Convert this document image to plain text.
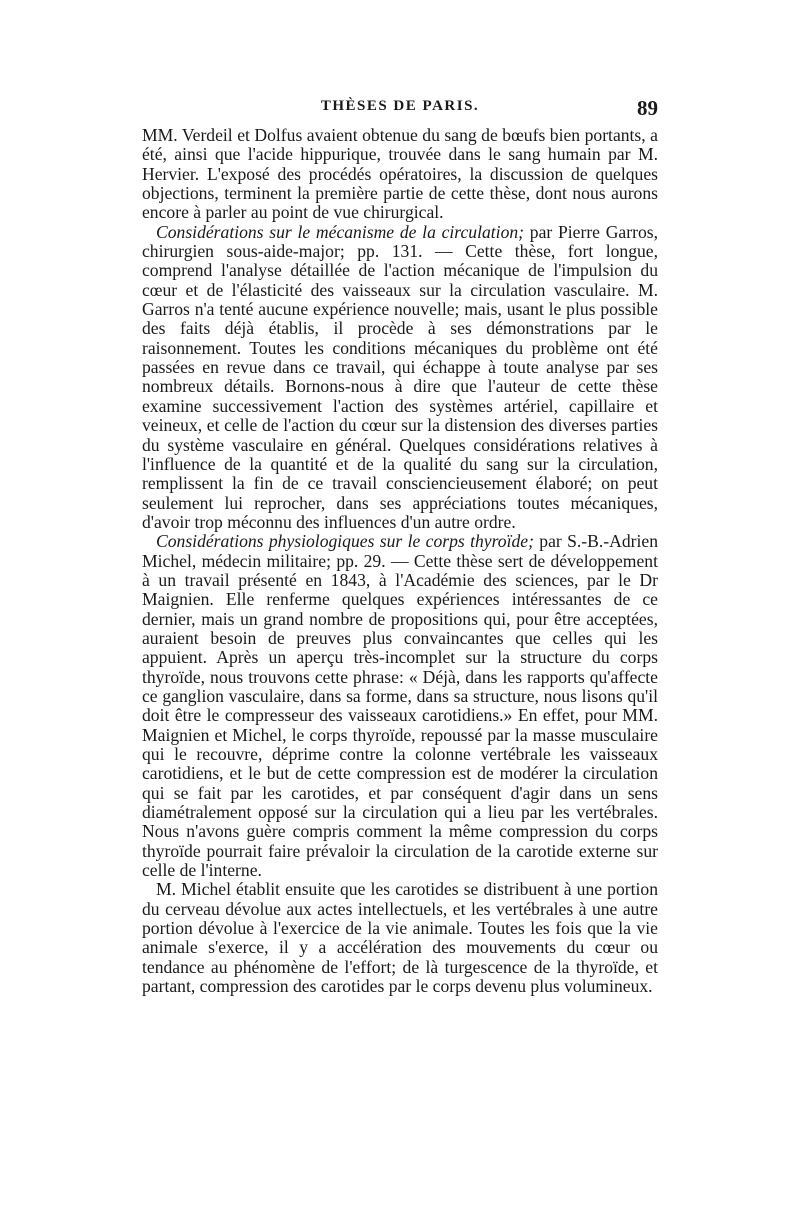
THÈSES DE PARIS.	89

MM. Verdeil et Dolfus avaient obtenue du sang de bœufs bien portants, a été, ainsi que l'acide hippurique, trouvée dans le sang humain par M. Hervier. L'exposé des procédés opératoires, la discussion de quelques objections, terminent la première partie de cette thèse, dont nous aurons encore à parler au point de vue chirurgical.

Considérations sur le mécanisme de la circulation; par Pierre Garros, chirurgien sous-aide-major; pp. 131. — Cette thèse, fort longue, comprend l'analyse détaillée de l'action mécanique de l'impulsion du cœur et de l'élasticité des vaisseaux sur la circulation vasculaire. M. Garros n'a tenté aucune expérience nouvelle; mais, usant le plus possible des faits déjà établis, il procède à ses démonstrations par le raisonnement. Toutes les conditions mécaniques du problème ont été passées en revue dans ce travail, qui échappe à toute analyse par ses nombreux détails. Bornons-nous à dire que l'auteur de cette thèse examine successivement l'action des systèmes artériel, capillaire et veineux, et celle de l'action du cœur sur la distension des diverses parties du système vasculaire en général. Quelques considérations relatives à l'influence de la quantité et de la qualité du sang sur la circulation, remplissent la fin de ce travail consciencieusement élaboré; on peut seulement lui reprocher, dans ses appréciations toutes mécaniques, d'avoir trop méconnu des influences d'un autre ordre.

Considérations physiologiques sur le corps thyroïde; par S.-B.-Adrien Michel, médecin militaire; pp. 29. — Cette thèse sert de développement à un travail présenté en 1843, à l'Académie des sciences, par le Dr Maignien. Elle renferme quelques expériences intéressantes de ce dernier, mais un grand nombre de propositions qui, pour être acceptées, auraient besoin de preuves plus convaincantes que celles qui les appuient. Après un aperçu très-incomplet sur la structure du corps thyroïde, nous trouvons cette phrase: « Déjà, dans les rapports qu'affecte ce ganglion vasculaire, dans sa forme, dans sa structure, nous lisons qu'il doit être le compresseur des vaisseaux carotidiens.» En effet, pour MM. Maignien et Michel, le corps thyroïde, repoussé par la masse musculaire qui le recouvre, déprime contre la colonne vertébrale les vaisseaux carotidiens, et le but de cette compression est de modérer la circulation qui se fait par les carotides, et par conséquent d'agir dans un sens diamétralement opposé sur la circulation qui a lieu par les vertébrales. Nous n'avons guère compris comment la même compression du corps thyroïde pourrait faire prévaloir la circulation de la carotide externe sur celle de l'interne.

M. Michel établit ensuite que les carotides se distribuent à une portion du cerveau dévolue aux actes intellectuels, et les vertébrales à une autre portion dévolue à l'exercice de la vie animale. Toutes les fois que la vie animale s'exerce, il y a accélération des mouvements du cœur ou tendance au phénomène de l'effort; de là turgescence de la thyroïde, et partant, compression des carotides par le corps devenu plus volumineux.
